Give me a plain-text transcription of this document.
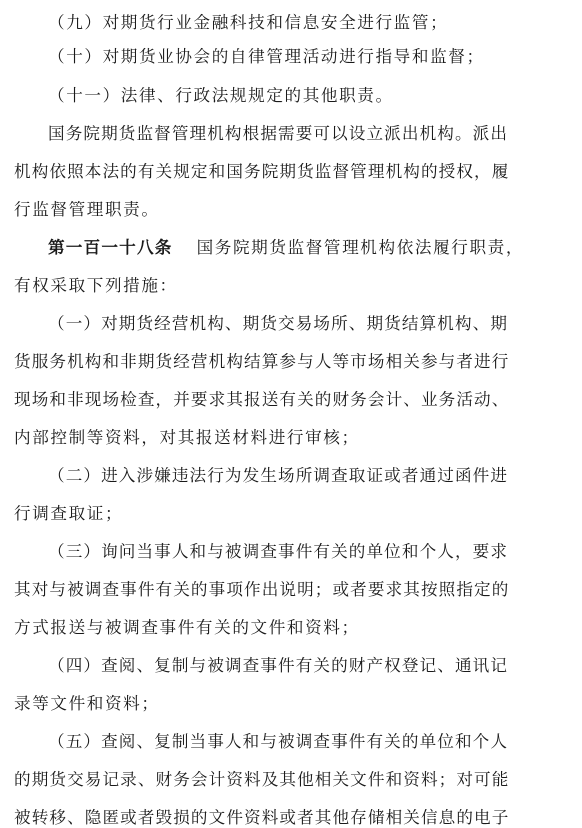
（九）对期货行业金融科技和信息安全进行监管；
（十）对期货业协会的自律管理活动进行指导和监督；
（十一）法律、行政法规规定的其他职责。
国务院期货监督管理机构根据需要可以设立派出机构。派出
机构依照本法的有关规定和国务院期货监督管理机构的授权，履
行监督管理职责。
第一百一十八条 国务院期货监督管理机构依法履行职责，
有权采取下列措施：
（一）对期货经营机构、期货交易场所、期货结算机构、期
货服务机构和非期货经营机构结算参与人等市场相关参与者进行
现场和非现场检查，并要求其报送有关的财务会计、业务活动、
内部控制等资料，对其报送材料进行审核；
（二）进入涉嫌违法行为发生场所调查取证或者通过函件进
行调查取证；
（三）询问当事人和与被调查事件有关的单位和个人，要求
其对与被调查事件有关的事项作出说明；或者要求其按照指定的
方式报送与被调查事件有关的文件和资料；
（四）查阅、复制与被调查事件有关的财产权登记、通讯记
录等文件和资料；
（五）查阅、复制当事人和与被调查事件有关的单位和个人
的期货交易记录、财务会计资料及其他相关文件和资料；对可能
被转移、隐匿或者毁损的文件资料或者其他存储相关信息的电子
